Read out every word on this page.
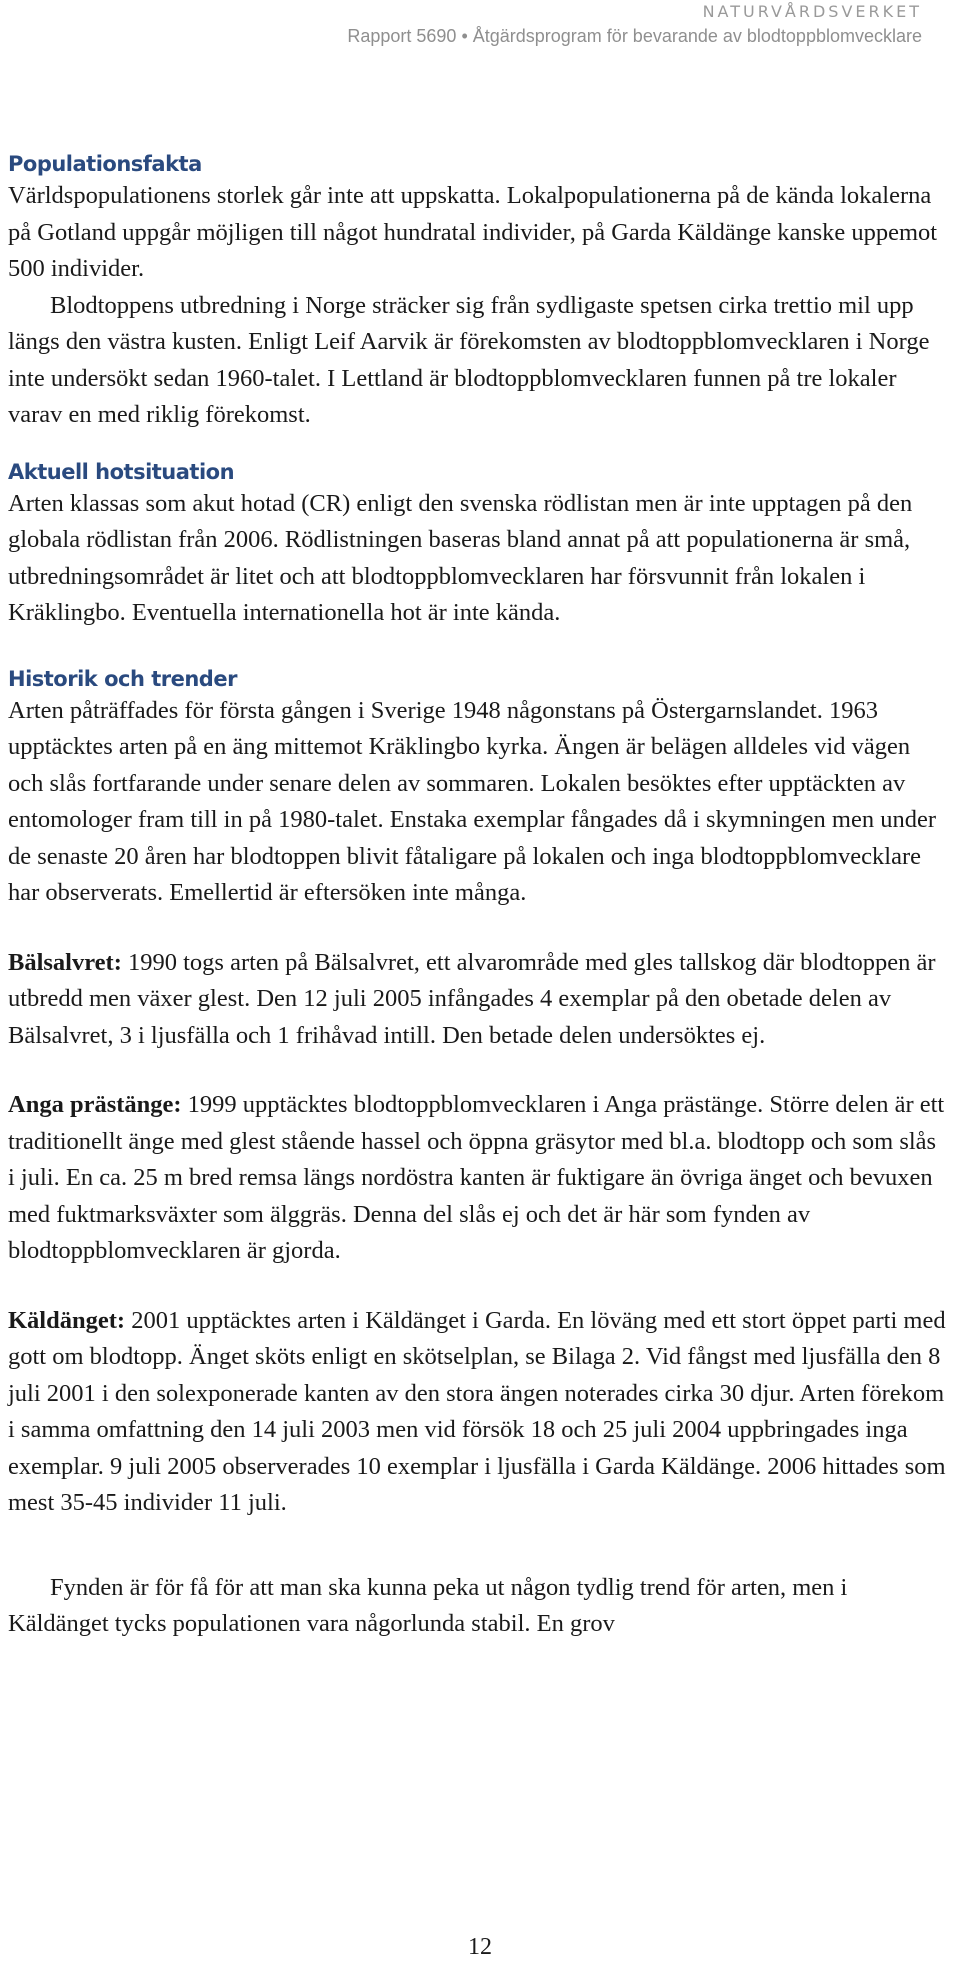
NATURVÅRDSVERKET
Rapport 5690 • Åtgärdsprogram för bevarande av blodtoppblomvecklare
Populationsfakta

Världspopulationens storlek går inte att uppskatta. Lokalpopulationerna på de kända lokalerna på Gotland uppgår möjligen till något hundratal individer, på Garda Käldänge kanske uppemot 500 individer.

Blodtoppens utbredning i Norge sträcker sig från sydligaste spetsen cirka trettio mil upp längs den västra kusten. Enligt Leif Aarvik är förekomsten av blodtoppblomvecklaren i Norge inte undersökt sedan 1960-talet. I Lettland är blodtoppblomvecklaren funnen på tre lokaler varav en med riklig förekomst.

Aktuell hotsituation

Arten klassas som akut hotad (CR) enligt den svenska rödlistan men är inte upptagen på den globala rödlistan från 2006. Rödlistningen baseras bland annat på att populationerna är små, utbredningsområdet är litet och att blodtoppblomvecklaren har försvunnit från lokalen i Kräklingbo. Eventuella internationella hot är inte kända.

Historik och trender

Arten påträffades för första gången i Sverige 1948 någonstans på Östergarnslandet. 1963 upptäcktes arten på en äng mittemot Kräklingbo kyrka. Ängen är belägen alldeles vid vägen och slås fortfarande under senare delen av sommaren. Lokalen besöktes efter upptäckten av entomologer fram till in på 1980-talet. Enstaka exemplar fångades då i skymningen men under de senaste 20 åren har blodtoppen blivit fåtaligare på lokalen och inga blodtoppblomvecklare har observerats. Emellertid är eftersöken inte många.

Bälsalvret: 1990 togs arten på Bälsalvret, ett alvarområde med gles tallskog där blodtoppen är utbredd men växer glest. Den 12 juli 2005 infångades 4 exemplar på den obetade delen av Bälsalvret, 3 i ljusfälla och 1 frihåvad intill. Den betade delen undersöktes ej.

Anga prästänge: 1999 upptäcktes blodtoppblomvecklaren i Anga prästänge. Större delen är ett traditionellt änge med glest stående hassel och öppna gräsytor med bl.a. blodtopp och som slås i juli. En ca. 25 m bred remsa längs nordöstra kanten är fuktigare än övriga änget och bevuxen med fuktmarksväxter som älggräs. Denna del slås ej och det är här som fynden av blodtoppblomvecklaren är gjorda.

Käldänget: 2001 upptäcktes arten i Käldänget i Garda. En löväng med ett stort öppet parti med gott om blodtopp. Änget sköts enligt en skötselplan, se Bilaga 2. Vid fångst med ljusfälla den 8 juli 2001 i den solexponerade kanten av den stora ängen noterades cirka 30 djur. Arten förekom i samma omfattning den 14 juli 2003 men vid försök 18 och 25 juli 2004 uppbringades inga exemplar. 9 juli 2005 observerades 10 exemplar i ljusfälla i Garda Käldänge. 2006 hittades som mest 35-45 individer 11 juli.

Fynden är för få för att man ska kunna peka ut någon tydlig trend för arten, men i Käldänget tycks populationen vara någorlunda stabil. En grov

12
